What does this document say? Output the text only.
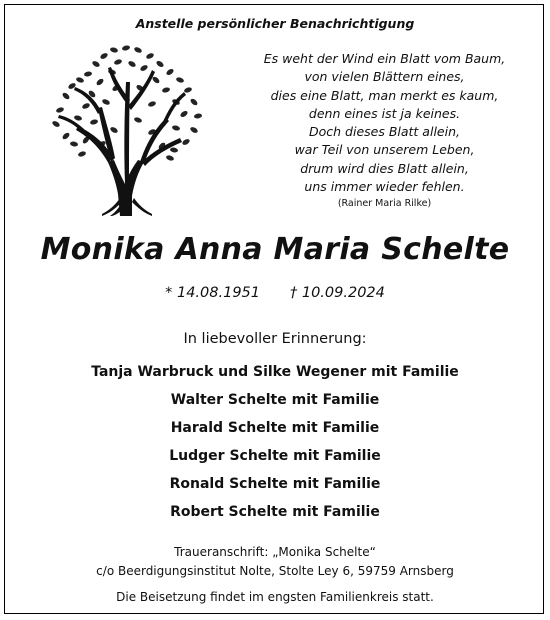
Anstelle persönlicher Benachrichtigung
Es weht der Wind ein Blatt vom Baum,
von vielen Blättern eines,
dies eine Blatt, man merkt es kaum,
denn eines ist ja keines.
Doch dieses Blatt allein,
war Teil von unserem Leben,
drum wird dies Blatt allein,
uns immer wieder fehlen.
(Rainer Maria Rilke)
Monika Anna Maria Schelte
* 14.08.1951 † 10.09.2024
In liebevoller Erinnerung:
Tanja Warbruck und Silke Wegener mit Familie
Walter Schelte mit Familie
Harald Schelte mit Familie
Ludger Schelte mit Familie
Ronald Schelte mit Familie
Robert Schelte mit Familie
Traueranschrift: „Monika Schelte“
c/o Beerdigungsinstitut Nolte, Stolte Ley 6, 59759 Arnsberg
Die Beisetzung findet im engsten Familienkreis statt.
